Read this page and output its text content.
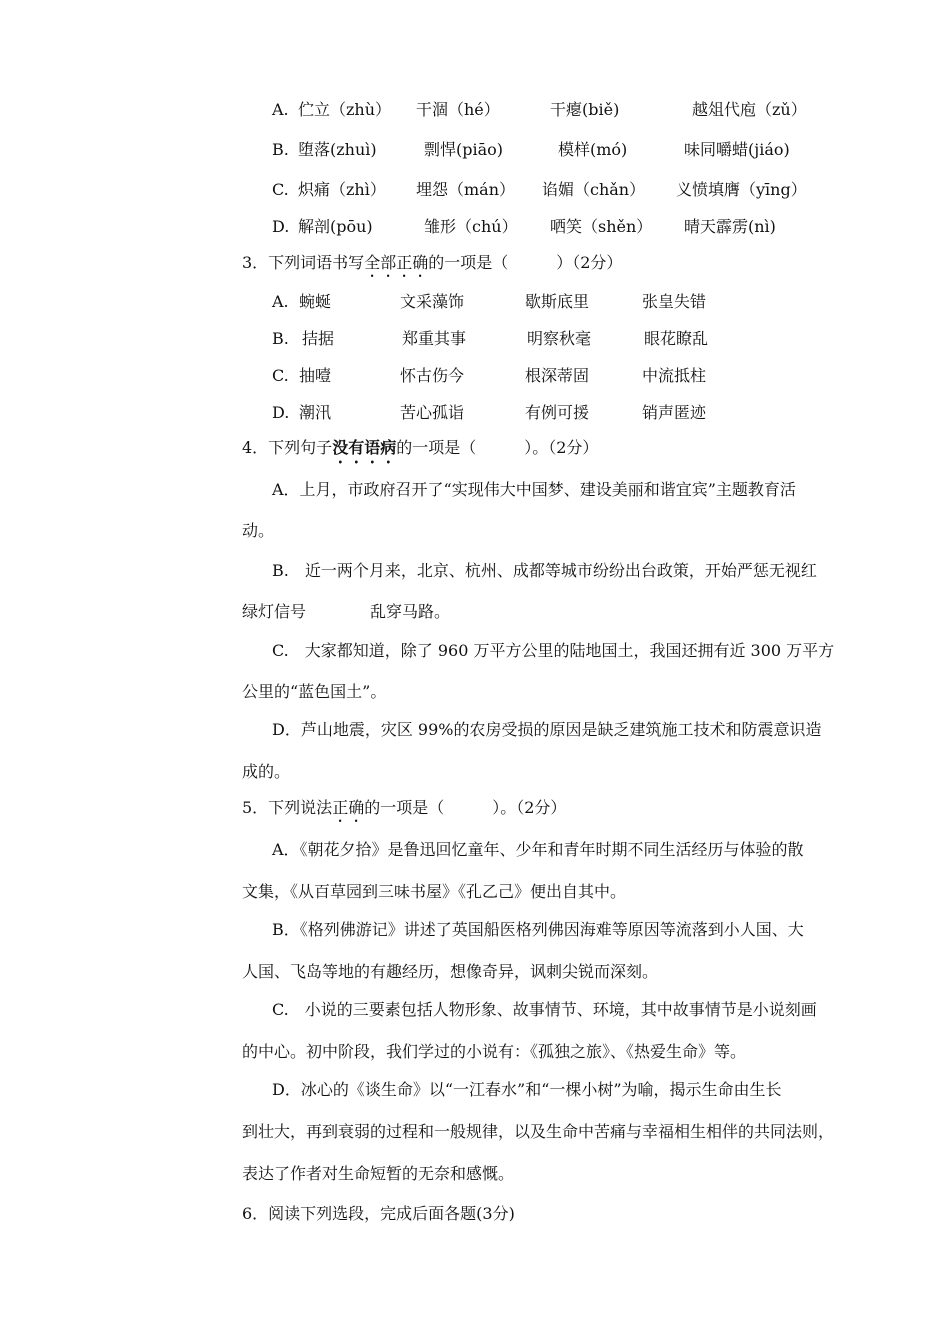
A. 伫立（zhù） 干涸（hé）	干瘪(biě)	越俎代庖（zǔ）
B. 堕落(zhuì)	剽悍(piāo)	模样(mó)	味同嚼蜡(jiáo)
C. 炽痛（zhì） 埋怨（mán） 谄媚（chǎn） 义愤填膺（yīng）
D. 解剖(pōu)	雏形（chú） 哂笑（shěn） 晴天霹雳(nì)
3．下列词语书写全部正确的一项是（　　　）（2分）
A. 蜿蜒	文采藻饰	歇斯底里	张皇失错
B. 拮据	郑重其事	明察秋毫	眼花瞭乱
C. 抽噎	怀古伤今	根深蒂固	中流抵柱
D. 潮汛	苦心孤诣	有例可援	销声匿迹
4．下列句子没有语病的一项是（　　　）。（2分）
A．上月，市政府召开了“实现伟大中国梦、建设美丽和谐宜宾”主题教育活
动。
B.　近一两个月来，北京、杭州、成都等城市纷纷出台政策，开始严惩无视红
绿灯信号　　　　乱穿马路。
C.　大家都知道，除了 960 万平方公里的陆地国土，我国还拥有近 300 万平方
公里的“蓝色国土”。
D．芦山地震，灾区 99%的农房受损的原因是缺乏建筑施工技术和防震意识造
成的。
5．下列说法正确的一项是（　　　）。（2分）
A．《朝花夕拾》是鲁迅回忆童年、少年和青年时期不同生活经历与体验的散
文集，《从百草园到三味书屋》《孔乙己》便出自其中。
B．《格列佛游记》讲述了英国船医格列佛因海难等原因等流落到小人国、大
人国、飞岛等地的有趣经历，想像奇异，讽刺尖锐而深刻。
C.　小说的三要素包括人物形象、故事情节、环境，其中故事情节是小说刻画
的中心。初中阶段，我们学过的小说有：《孤独之旅》、《热爱生命》等。
D．冰心的《谈生命》以“一江春水”和“一棵小树”为喻，揭示生命由生长
到壮大，再到衰弱的过程和一般规律，以及生命中苦痛与幸福相生相伴的共同法则，
表达了作者对生命短暂的无奈和感慨。
6．阅读下列选段，完成后面各题(3分)
